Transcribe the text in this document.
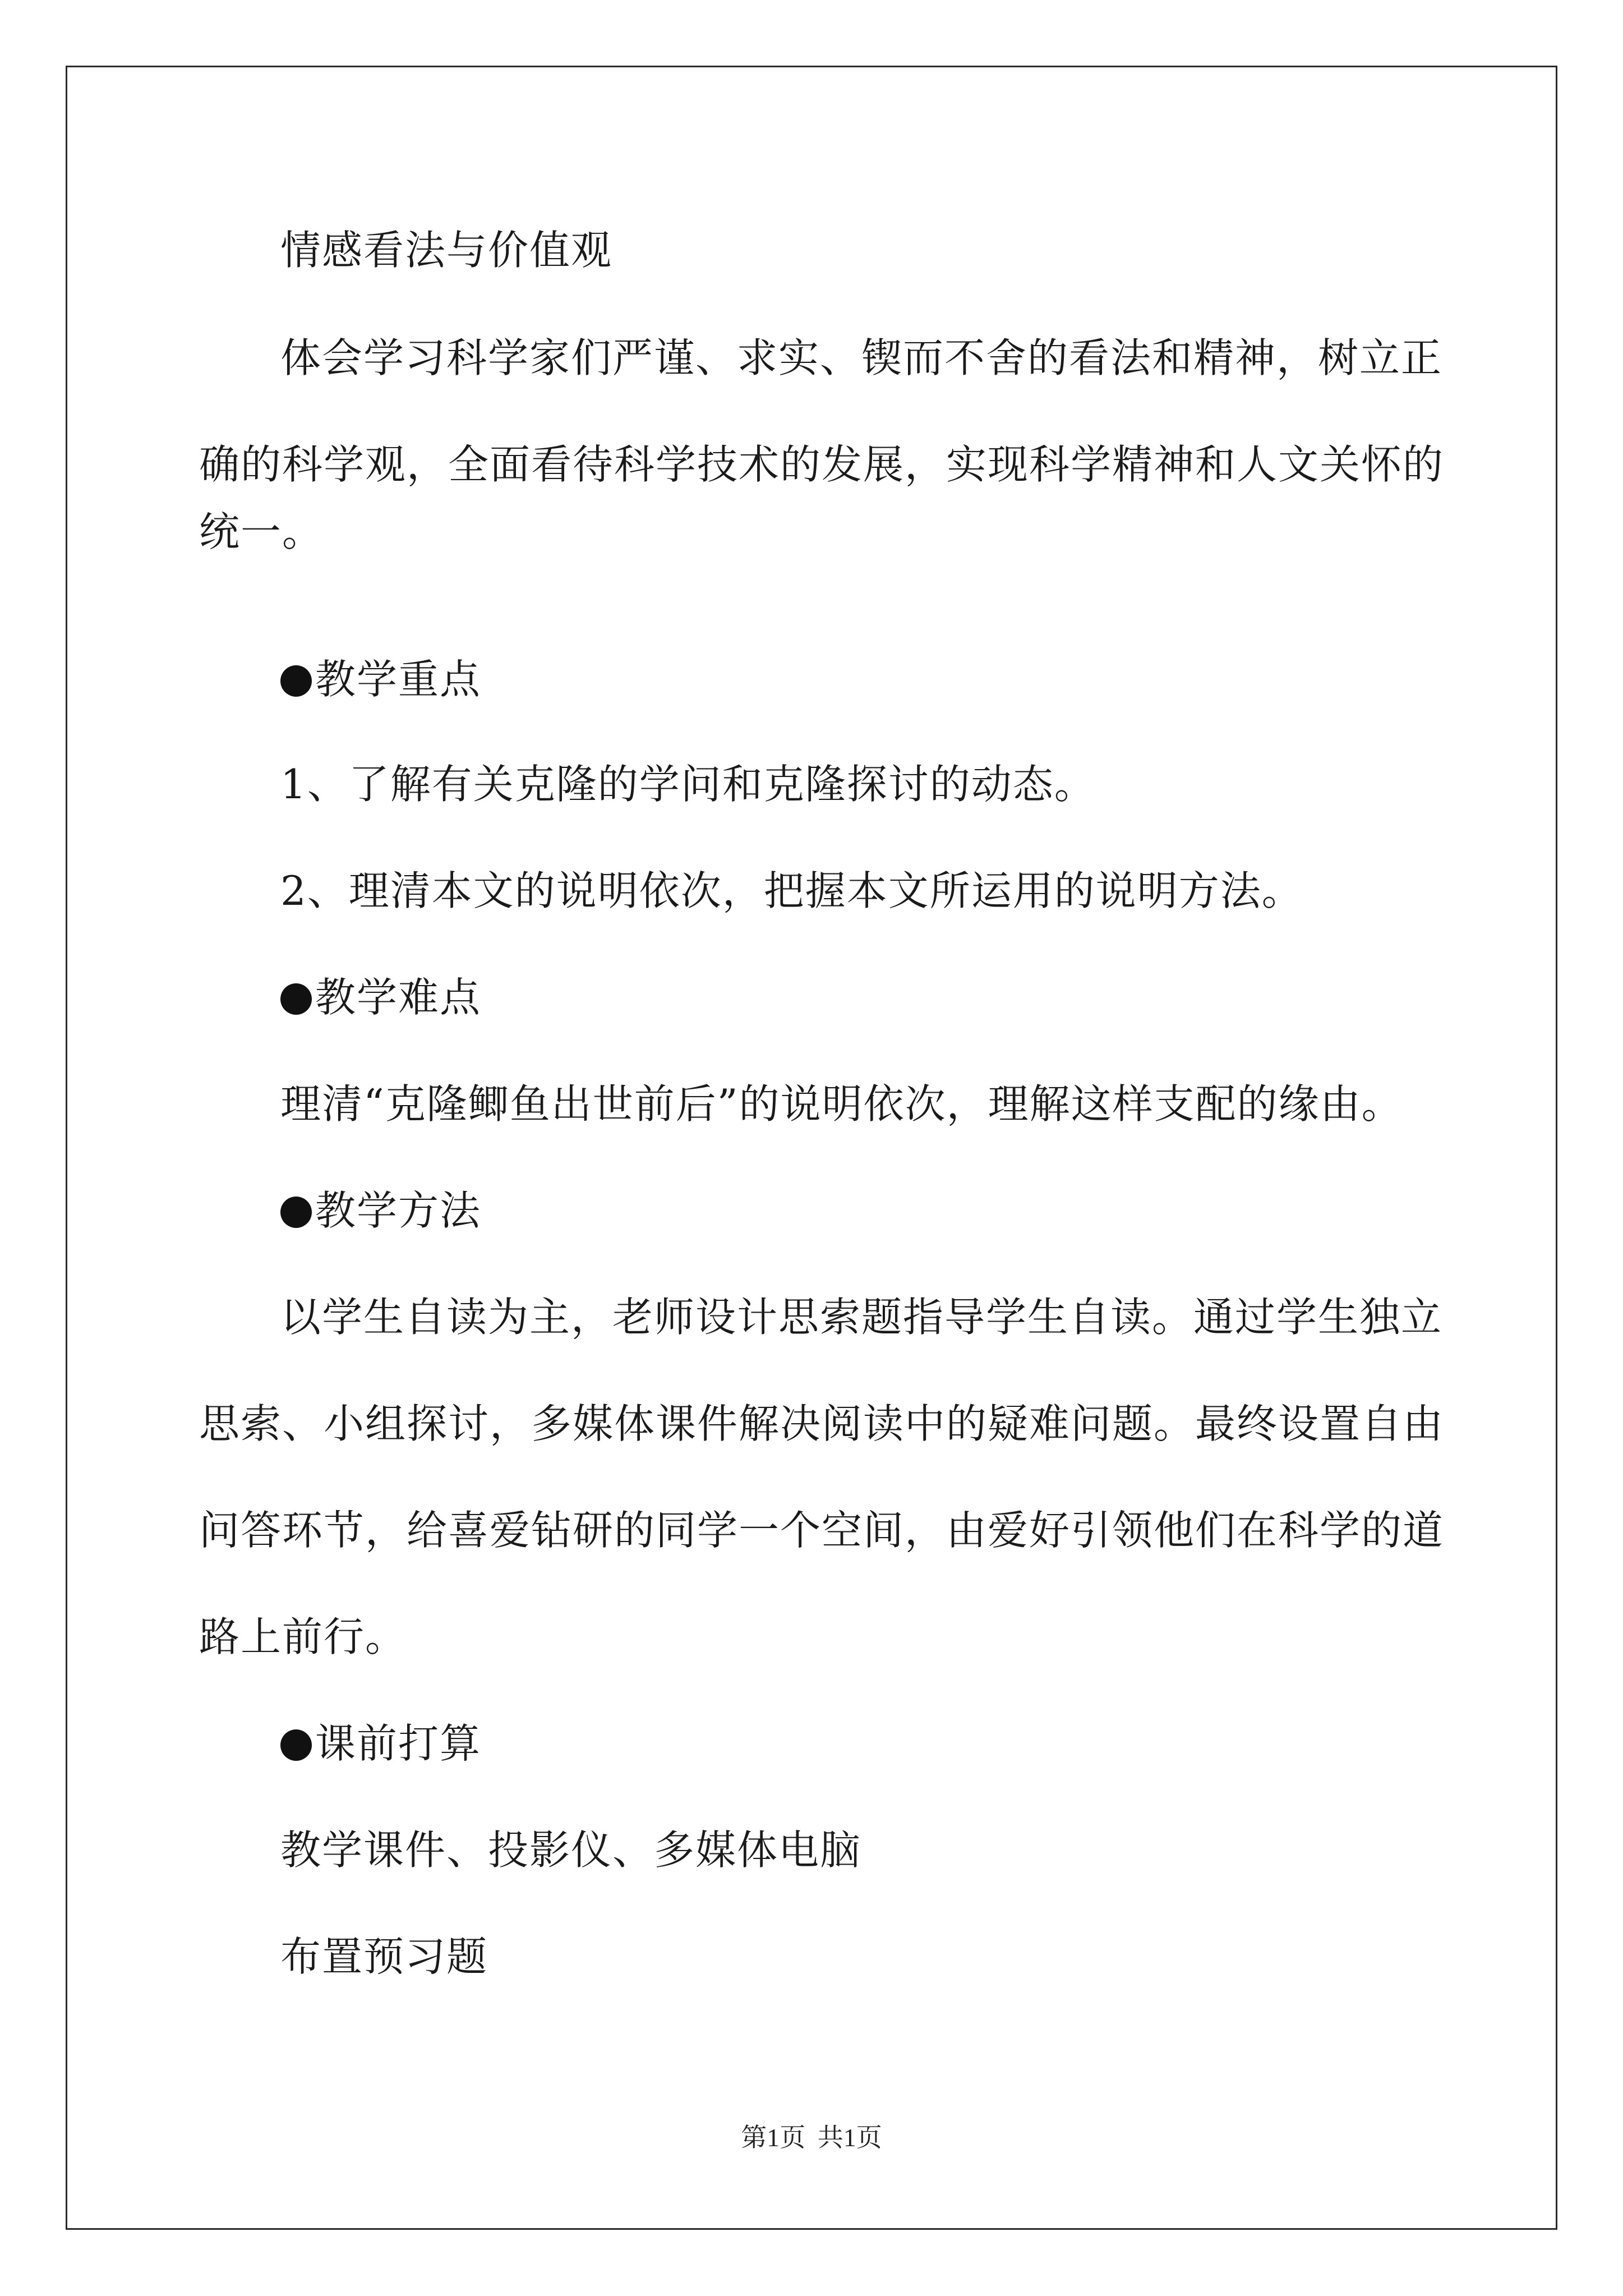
情感看法与价值观
体会学习科学家们严谨、求实、锲而不舍的看法和精神，树立正
确的科学观，全面看待科学技术的发展，实现科学精神和人文关怀的
统一。
教学重点
1、了解有关克隆的学问和克隆探讨的动态。
2、理清本文的说明依次，把握本文所运用的说明方法。
教学难点
理清“克隆鲫鱼出世前后”的说明依次，理解这样支配的缘由。
教学方法
以学生自读为主，老师设计思索题指导学生自读。通过学生独立
思索、小组探讨，多媒体课件解决阅读中的疑难问题。最终设置自由
问答环节，给喜爱钻研的同学一个空间，由爱好引领他们在科学的道
路上前行。
课前打算
教学课件、投影仪、多媒体电脑
布置预习题
第1页 共1页
